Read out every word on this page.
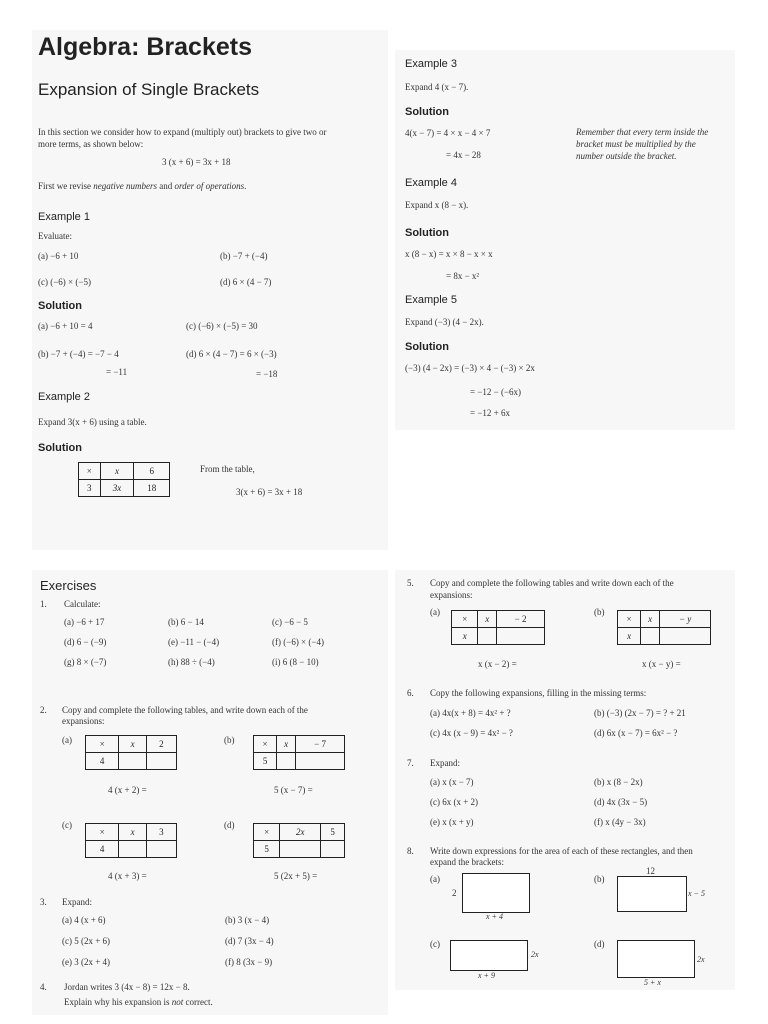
Algebra: Brackets
Expansion of Single Brackets
In this section we consider how to expand (multiply out) brackets to give two or
more terms, as shown below:
3 (x + 6) = 3x + 18
First we revise negative numbers and order of operations.
Example 1
Evaluate:
(a) −6 + 10	(b) −7 + (−4)
(c) (−6) × (−5)	(d) 6 × (4 − 7)
Solution
(a) −6 + 10 = 4	(c) (−6) × (−5) = 30
(b) −7 + (−4) = −7 − 4
= −11
(d) 6 × (4 − 7) = 6 × (−3)
= −18
Example 2
Expand 3(x + 6) using a table.
Solution
×	x	6
3	3x	18
From the table,
3(x + 6) = 3x + 18
Example 3
Expand 4 (x − 7).
Solution
4(x − 7) = 4 × x − 4 × 7
= 4x − 28
Remember that every term inside the bracket must be multiplied by the number outside the bracket.
Example 4
Expand x (8 − x).
Solution
x (8 − x) = x × 8 − x × x
= 8x − x²
Example 5
Expand (−3) (4 − 2x).
Solution
(−3) (4 − 2x) = (−3) × 4 − (−3) × 2x
= −12 − (−6x)
= −12 + 6x
Exercises
1. Calculate:
(a) −6 + 17	(b) 6 − 14	(c) −6 − 5
(d) 6 − (−9)	(e) −11 − (−4)	(f) (−6) × (−4)
(g) 8 × (−7)	(h) 88 ÷ (−4)	(i) 6 (8 − 10)
2. Copy and complete the following tables, and write down each of the
expansions:
(a)	×	x	2
4		
4 (x + 2) =
(b)	×	x	− 7
5		
5 (x − 7) =
(c)
×	x	3
4		
4 (x + 3) =
(d)
×	2x	5
5		
5 (2x + 5) =
3. Expand:
(a) 4 (x + 6)	(b) 3 (x − 4)
(c) 5 (2x + 6)	(d) 7 (3x − 4)
(e) 3 (2x + 4)	(f) 8 (3x − 9)
4. Jordan writes 3 (4x − 8) = 12x − 8.
Explain why his expansion is not correct.
5. Copy and complete the following tables and write down each of the
expansions:
(a)
×	x	− 2
x		
x (x − 2) =
(b)
×	x	− y
x		
x (x − y) =
6. Copy the following expansions, filling in the missing terms:
(a) 4x(x + 8) = 4x² + ?	(b) (−3) (2x − 7) = ? + 21
(c) 4x (x − 9) = 4x² − ?	(d) 6x (x − 7) = 6x² − ?
7. Expand:
(a) x (x − 7)	(b) x (8 − 2x)
(c) 6x (x + 2)	(d) 4x (3x − 5)
(e) x (x + y)	(f) x (4y − 3x)
8. Write down expressions for the area of each of these rectangles, and then
expand the brackets:
(a)
2
x + 4
(b)
12
x − 5
(c)
2x
x + 9
(d)
2x
5 + x
